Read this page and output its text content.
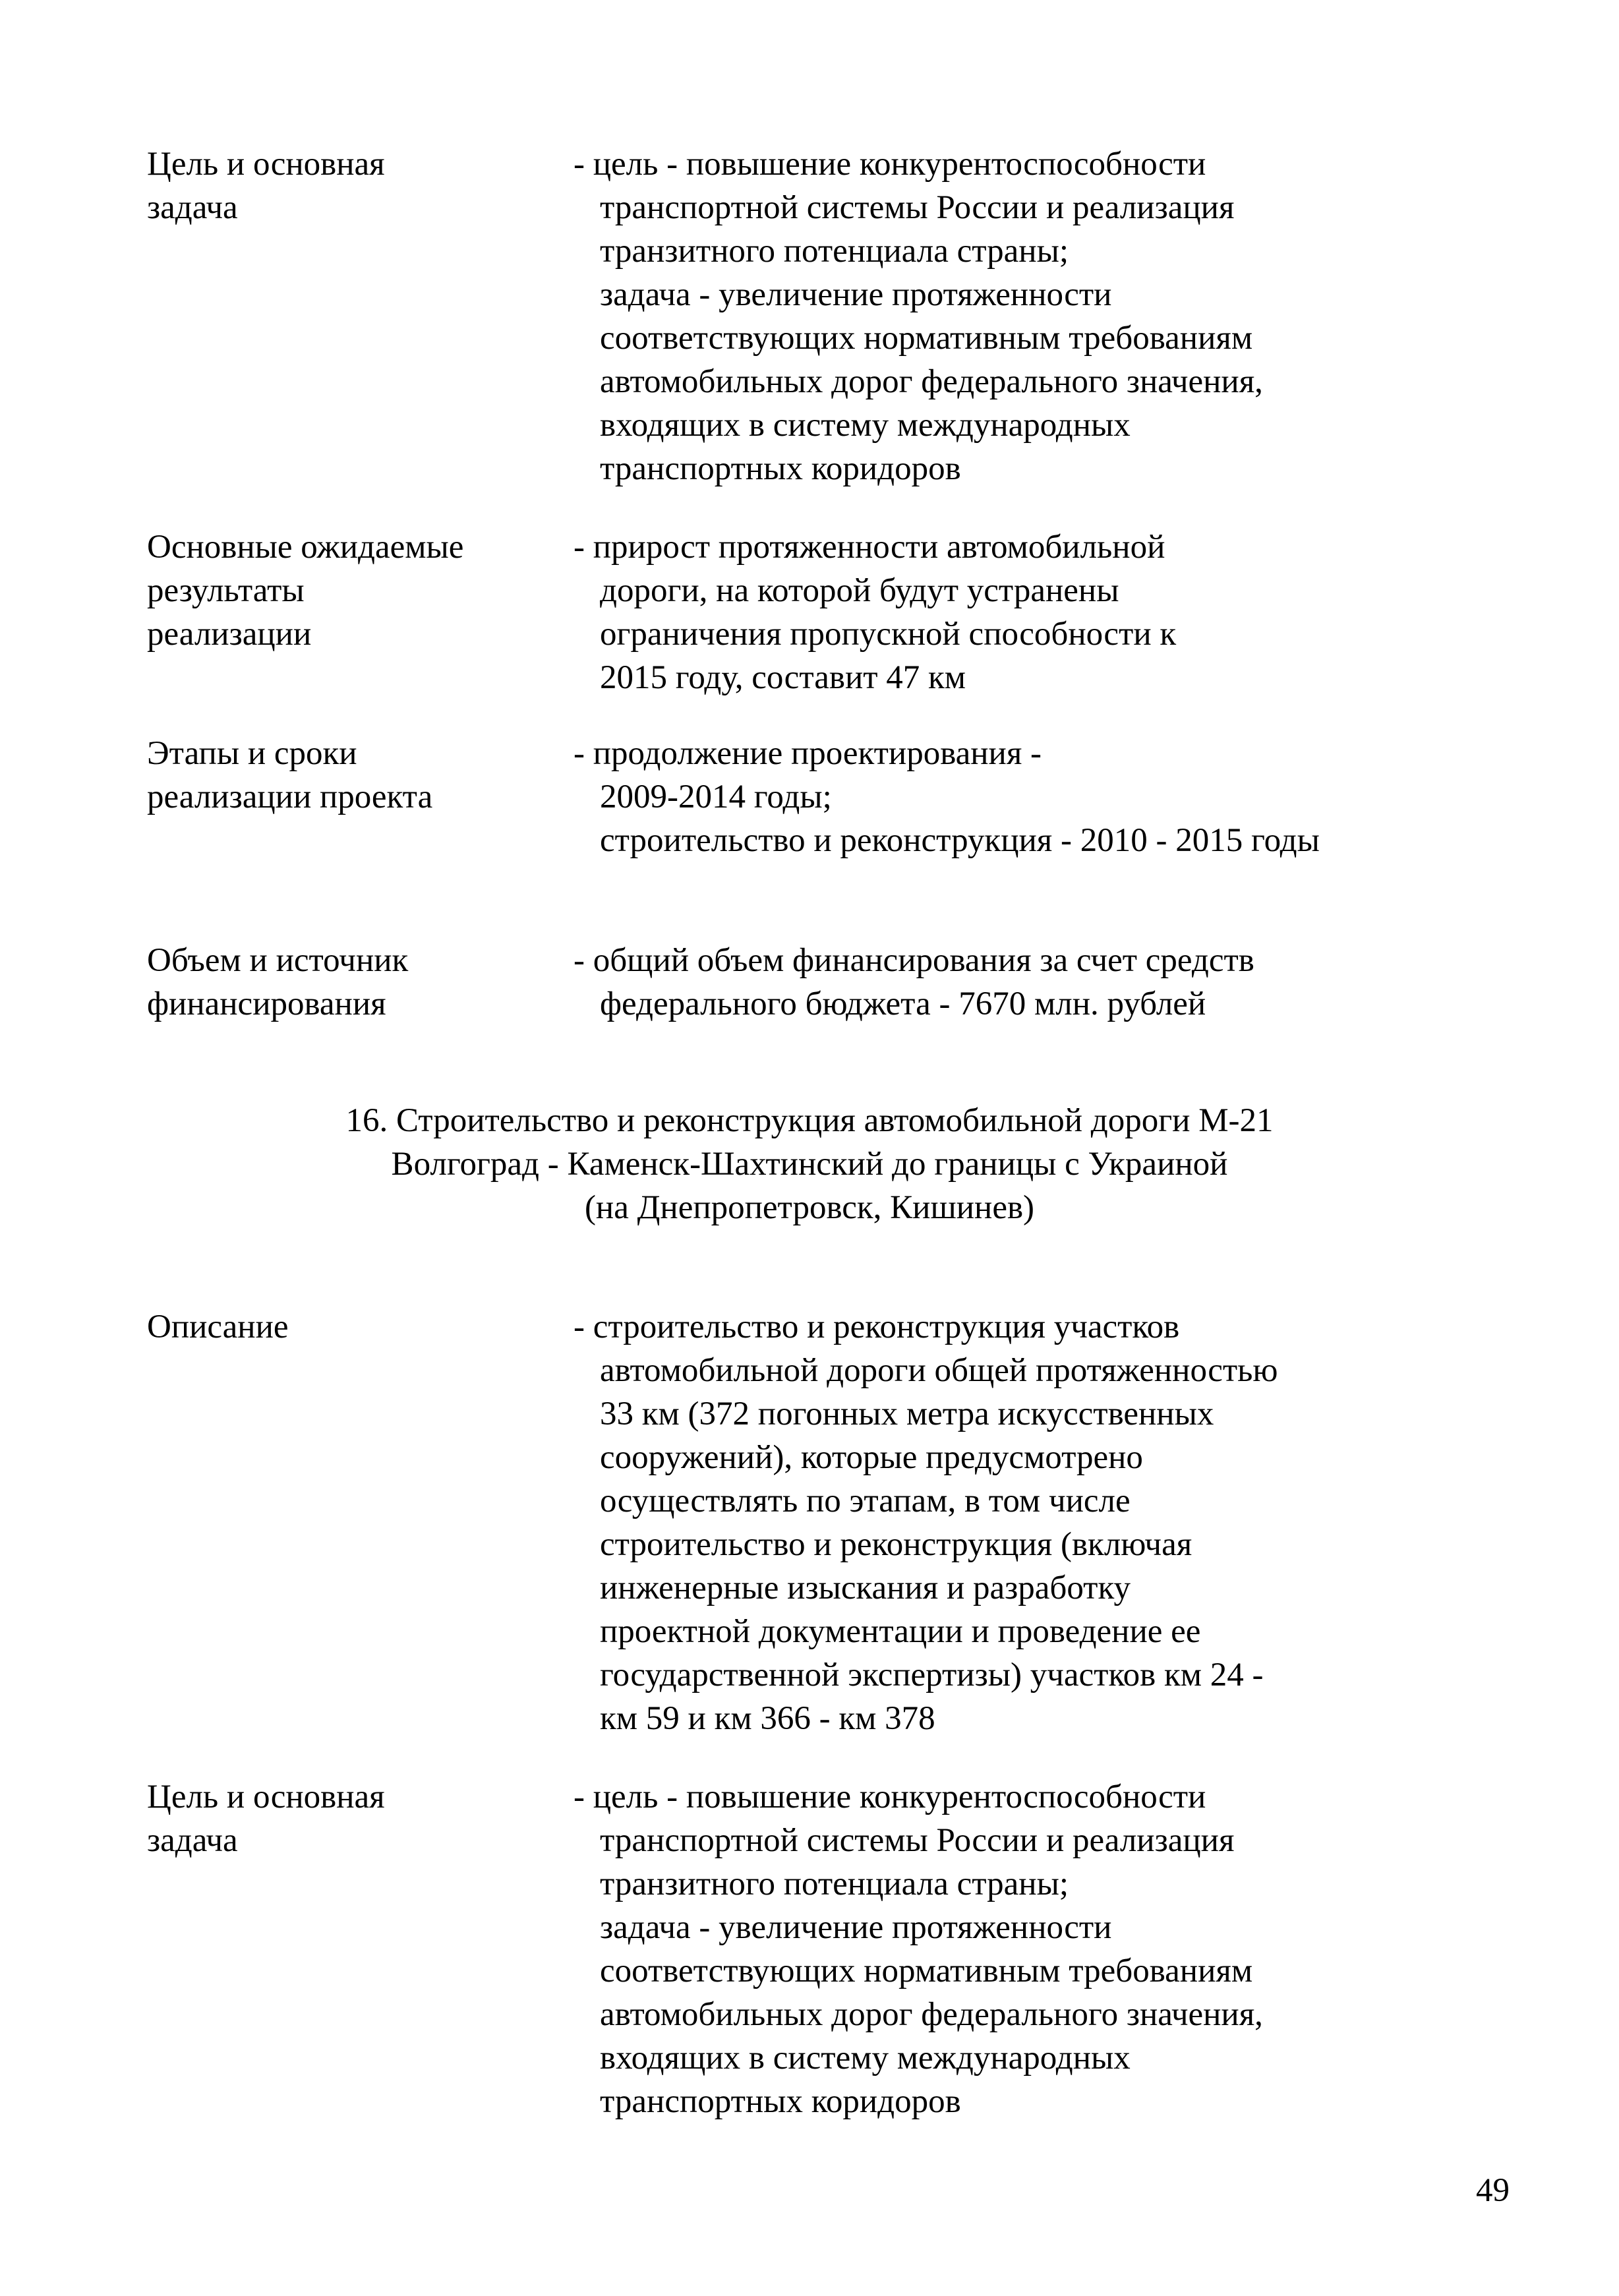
Цель и основная
задача
- цель - повышение конкурентоспособности
транспортной системы России и реализация
транзитного потенциала страны;
задача - увеличение протяженности
соответствующих нормативным требованиям
автомобильных дорог федерального значения,
входящих в систему международных
транспортных коридоров
Основные ожидаемые
результаты
реализации
- прирост протяженности автомобильной
дороги, на которой будут устранены
ограничения пропускной способности к
2015 году, составит 47 км
Этапы и сроки
реализации проекта
- продолжение проектирования -
2009-2014 годы;
строительство и реконструкция - 2010 - 2015 годы
Объем и источник
финансирования
- общий объем финансирования за счет средств
федерального бюджета - 7670 млн. рублей
16. Строительство и реконструкция автомобильной дороги М-21
Волгоград - Каменск-Шахтинский до границы с Украиной
(на Днепропетровск, Кишинев)
Описание	- строительство и реконструкция участков
автомобильной дороги общей протяженностью
33 км (372 погонных метра искусственных
сооружений), которые предусмотрено
осуществлять по этапам, в том числе
строительство и реконструкция (включая
инженерные изыскания и разработку
проектной документации и проведение ее
государственной экспертизы) участков км 24 -
км 59 и км 366 - км 378
Цель и основная
задача
- цель - повышение конкурентоспособности
транспортной системы России и реализация
транзитного потенциала страны;
задача - увеличение протяженности
соответствующих нормативным требованиям
автомобильных дорог федерального значения,
входящих в систему международных
транспортных коридоров
49
